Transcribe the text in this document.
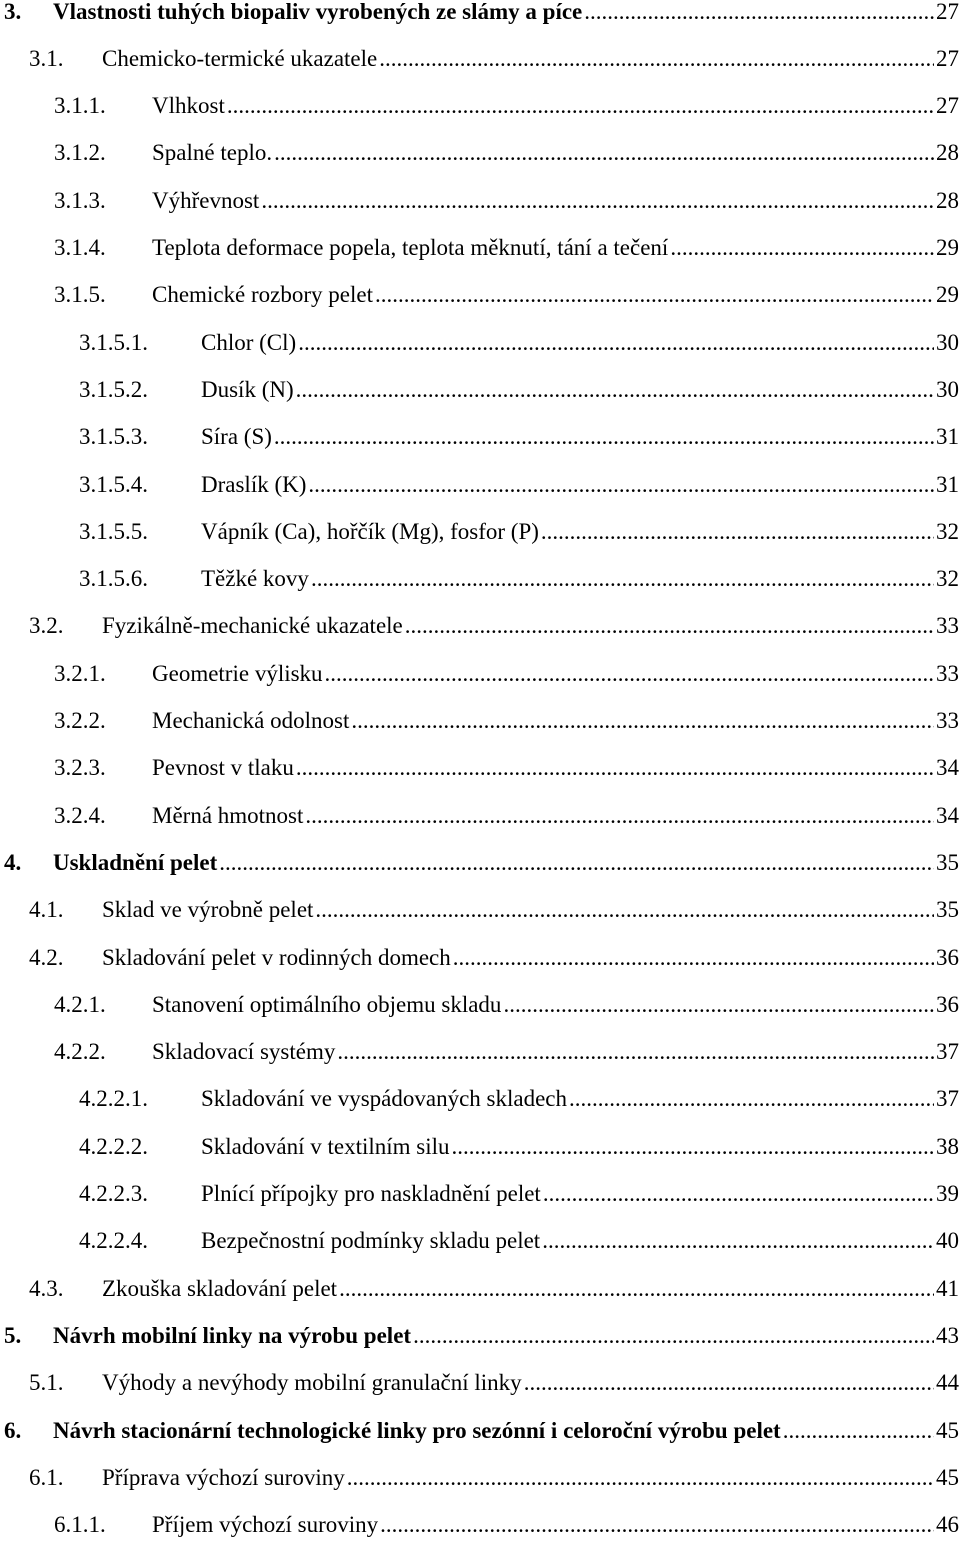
3.	Vlastnosti tuhých biopaliv vyrobených ze slámy a píce .....	27
3.1.	Chemicko-termické ukazatele .....	27
3.1.1.	Vlhkost .....	27
3.1.2.	Spalné teplo. .....	28
3.1.3.	Výhřevnost .....	28
3.1.4.	Teplota deformace popela, teplota měknutí, tání a tečení .....	29
3.1.5.	Chemické rozbory pelet .....	29
3.1.5.1.	Chlor (Cl) .....	30
3.1.5.2.	Dusík (N) .....	30
3.1.5.3.	Síra (S) .....	31
3.1.5.4.	Draslík (K) .....	31
3.1.5.5.	Vápník (Ca), hořčík (Mg), fosfor (P) .....	32
3.1.5.6.	Těžké kovy .....	32
3.2.	Fyzikálně-mechanické ukazatele .....	33
3.2.1.	Geometrie výlisku .....	33
3.2.2.	Mechanická odolnost .....	33
3.2.3.	Pevnost v tlaku .....	34
3.2.4.	Měrná hmotnost .....	34
4.	Uskladnění pelet .....	35
4.1.	Sklad ve výrobně pelet .....	35
4.2.	Skladování pelet v rodinných domech .....	36
4.2.1.	Stanovení optimálního objemu skladu .....	36
4.2.2.	Skladovací systémy .....	37
4.2.2.1.	Skladování ve vyspádovaných skladech .....	37
4.2.2.2.	Skladování v textilním silu .....	38
4.2.2.3.	Plnící přípojky pro naskladnění pelet .....	39
4.2.2.4.	Bezpečnostní podmínky skladu pelet .....	40
4.3.	Zkouška skladování pelet .....	41
5.	Návrh mobilní linky na výrobu pelet .....	43
5.1.	Výhody a nevýhody mobilní granulační linky .....	44
6.	Návrh stacionární technologické linky pro sezónní i celoroční výrobu pelet .....	45
6.1.	Příprava výchozí suroviny .....	45
6.1.1.	Příjem výchozí suroviny .....	46
